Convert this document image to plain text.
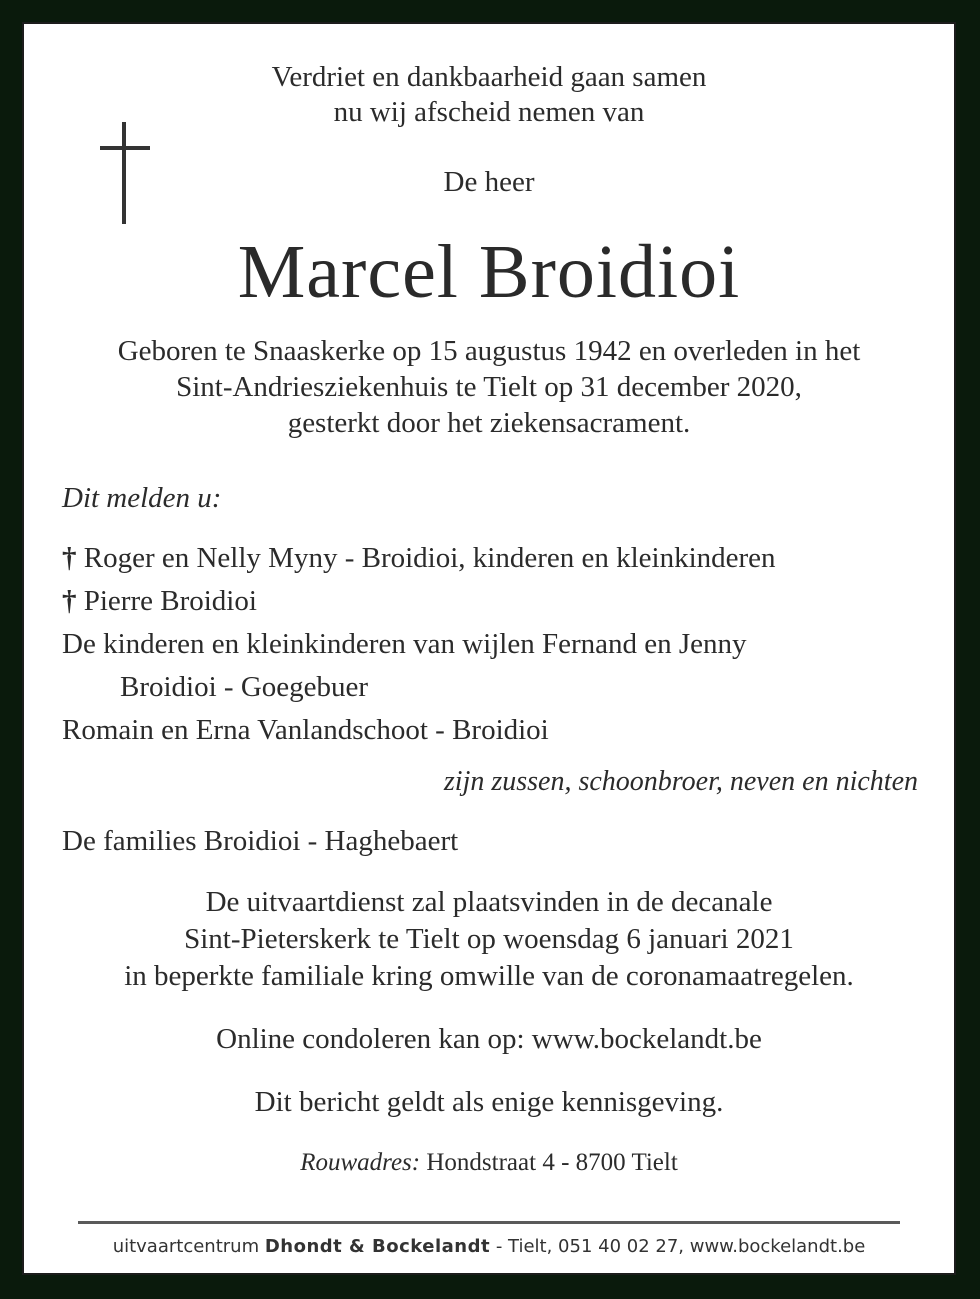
Verdriet en dankbaarheid gaan samen
nu wij afscheid nemen van
De heer
Marcel Broidioi
Geboren te Snaaskerke op 15 augustus 1942 en overleden in het
Sint-Andriesziekenhuis te Tielt op 31 december 2020,
gesterkt door het ziekensacrament.
Dit melden u:
† Roger en Nelly Myny - Broidioi, kinderen en kleinkinderen
† Pierre Broidioi
De kinderen en kleinkinderen van wijlen Fernand en Jenny
Broidioi - Goegebuer
Romain en Erna Vanlandschoot - Broidioi
zijn zussen, schoonbroer, neven en nichten
De families Broidioi - Haghebaert
De uitvaartdienst zal plaatsvinden in de decanale
Sint-Pieterskerk te Tielt op woensdag 6 januari 2021
in beperkte familiale kring omwille van de coronamaatregelen.
Online condoleren kan op: www.bockelandt.be
Dit bericht geldt als enige kennisgeving.
Rouwadres: Hondstraat 4 - 8700 Tielt
uitvaartcentrum Dhondt & Bockelandt - Tielt, 051 40 02 27, www.bockelandt.be
